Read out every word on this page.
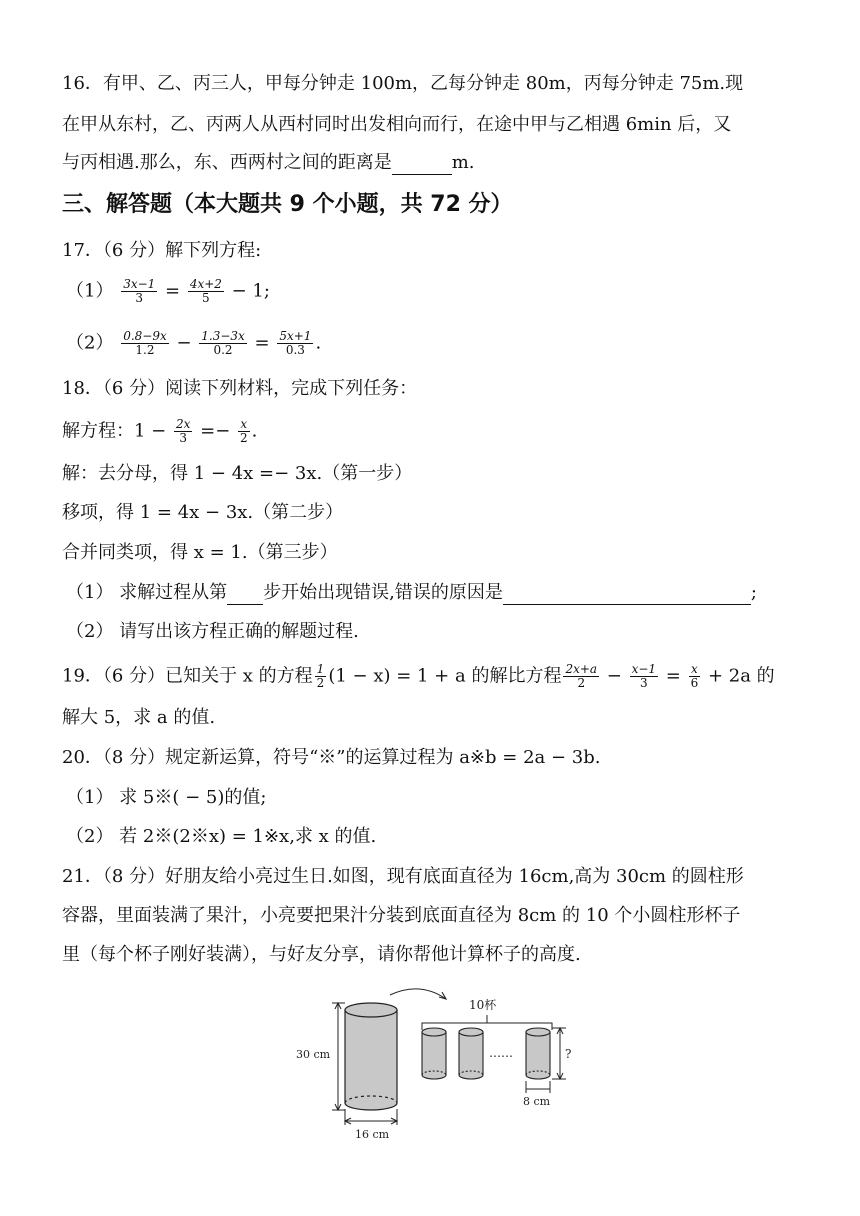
16．有甲、乙、丙三人，甲每分钟走 100m，乙每分钟走 80m，丙每分钟走 75m.现
在甲从东村，乙、丙两人从西村同时出发相向而行，在途中甲与乙相遇 6min 后，又
与丙相遇.那么，东、西两村之间的距离是	m.
三、解答题（本大题共 9 个小题，共 72 分）
17．（6 分）解下列方程:
$(1) \frac{3x-1}{3} = \frac{4x+2}{5} - 1$;
$(2) \frac{0.8-9x}{1.2} - \frac{1.3-3x}{0.2} = \frac{5x+1}{0.3}$ .
18．（6 分）阅读下列材料，完成下列任务：
解方程：$1 - \frac{2x}{3} =- \frac{x}{2}$ .
解：去分母，得 1 − 4x =− 3x.（第一步）
移项，得 1 = 4x − 3x.（第二步）
合并同类项，得 x = 1.（第三步）
（1） 求解过程从第 步开始出现错误,错误的原因是	;
（2） 请写出该方程正确的解题过程.
19．（6 分）已知关于 x 的方程 $\frac{1}{2} (1 - x) = 1 + a$ 的解比方程 $\frac{2x+a}{2} - \frac{x-1}{3} = \frac{x}{6} + 2a$ 的
解大 5，求 a 的值.
20．（8 分）规定新运算，符号“※”的运算过程为 a※b = 2a − 3b.
（1） 求 5※( − 5)的值;
（2） 若 2※(2※x) = 1※x,求 x 的值.
21．（8 分）好朋友给小亮过生日.如图，现有底面直径为 16cm,高为 30cm 的圆柱形
容器，里面装满了果汁，小亮要把果汁分装到底面直径为 8cm 的 10 个小圆柱形杯子
里（每个杯子刚好装满），与好友分享，请你帮他计算杯子的高度.
30 cm
16 cm
10杯
……	?
8 cm
